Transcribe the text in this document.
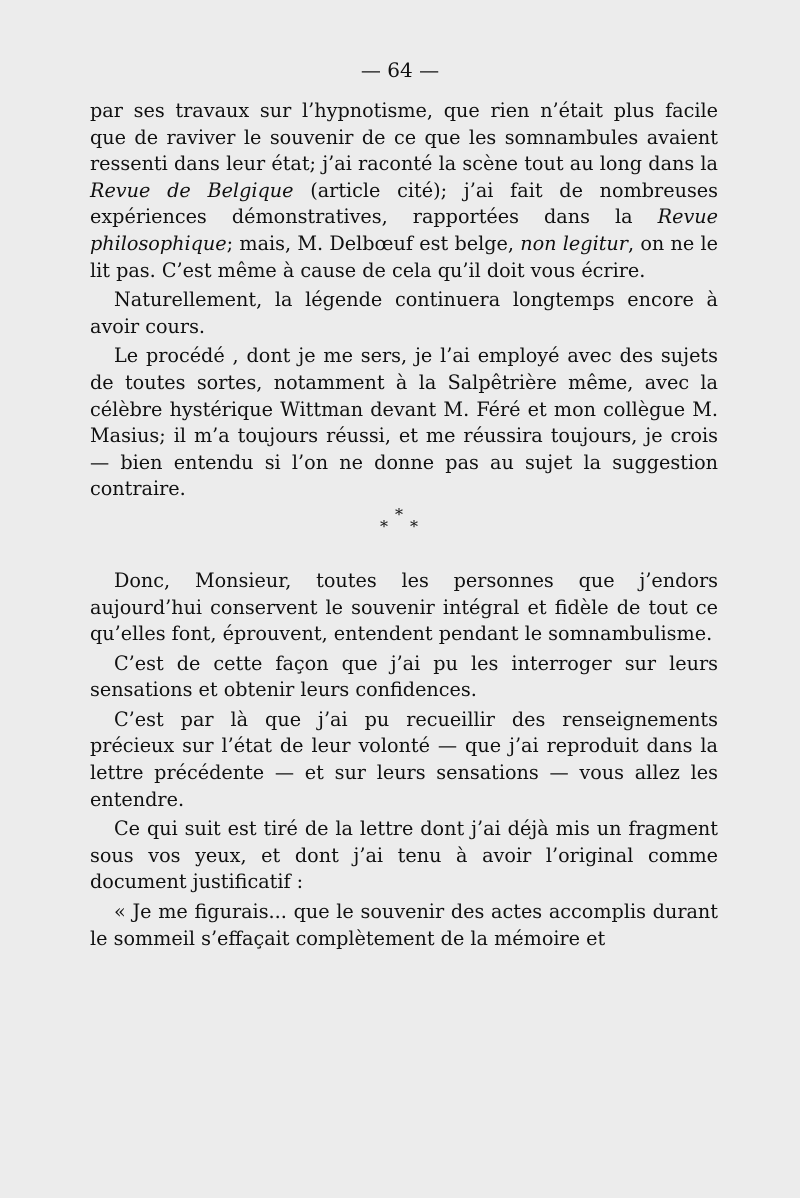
— 64 —

par ses travaux sur l’hypnotisme, que rien n’était plus facile que de raviver le souvenir de ce que les somnambules avaient ressenti dans leur état; j’ai raconté la scène tout au long dans la Revue de Belgique (article cité); j’ai fait de nombreuses expériences démonstratives, rapportées dans la Revue philosophique; mais, M. Delbœuf est belge, non legitur, on ne le lit pas. C’est même à cause de cela qu’il doit vous écrire.

Naturellement, la légende continuera longtemps encore à avoir cours.

Le procédé , dont je me sers, je l’ai employé avec des sujets de toutes sortes, notamment à la Salpêtrière même, avec la célèbre hystérique Wittman devant M. Féré et mon collègue M. Masius; il m’a toujours réussi, et me réussira toujours, je crois — bien entendu si l’on ne donne pas au sujet la suggestion contraire.

*
* *

Donc, Monsieur, toutes les personnes que j’endors aujourd’hui conservent le souvenir intégral et fidèle de tout ce qu’elles font, éprouvent, entendent pendant le somnambulisme.

C’est de cette façon que j’ai pu les interroger sur leurs sensations et obtenir leurs confidences.

C’est par là que j’ai pu recueillir des renseignements précieux sur l’état de leur volonté — que j’ai reproduit dans la lettre précédente — et sur leurs sensations — vous allez les entendre.

Ce qui suit est tiré de la lettre dont j’ai déjà mis un fragment sous vos yeux, et dont j’ai tenu à avoir l’original comme document justificatif :

« Je me figurais... que le souvenir des actes accomplis durant le sommeil s’effaçait complètement de la mémoire et
